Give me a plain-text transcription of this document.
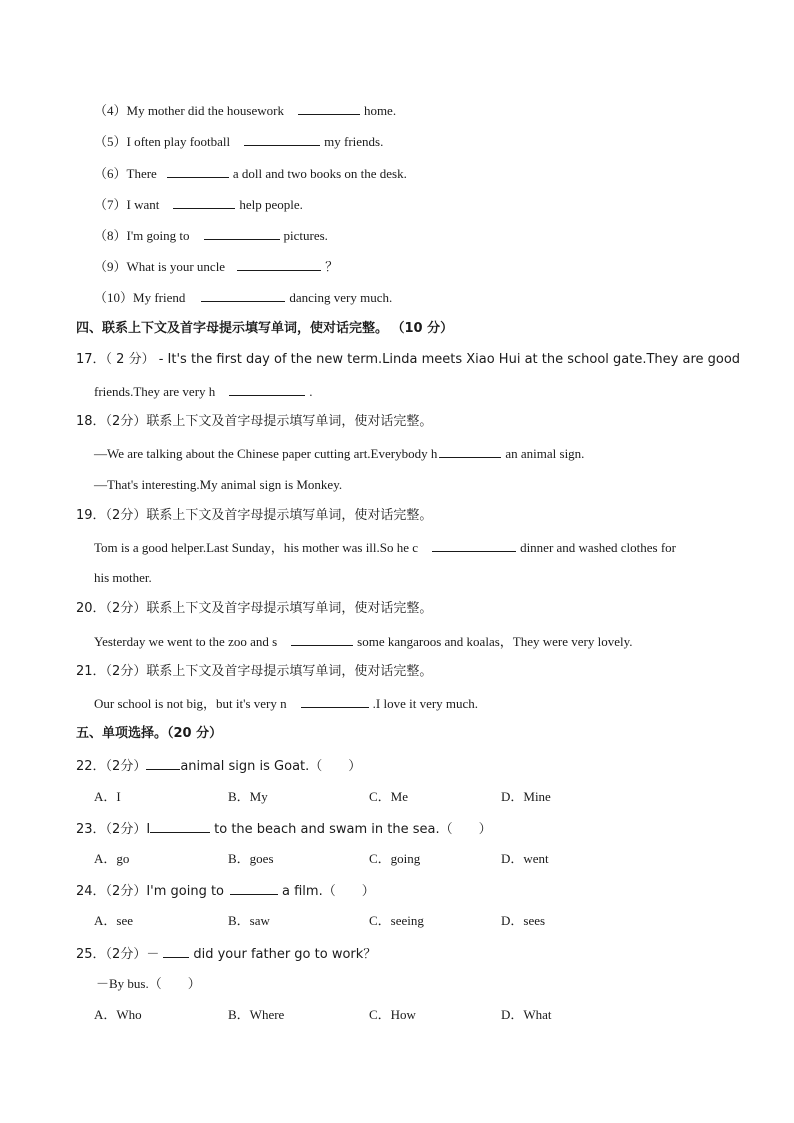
（4）My mother did the housework	home.
（5）I often play football	my friends.
（6）There	a doll and two books on the desk.
（7）I want	help people.
（8）I'm going to	pictures.
（9）What is your uncle	？
（10）My friend	dancing very much.
四、联系上下文及首字母提示填写单词，使对话完整。 （10 分）
17．（ 2 分） - It's the first day of the new term.Linda meets Xiao Hui at the school gate.They are good
friends.They are very h	.
18．（2分）联系上下文及首字母提示填写单词，使对话完整。
—We are talking about the Chinese paper cutting art.Everybody h	an animal sign.
—That's interesting.My animal sign is Monkey.
19．（2分）联系上下文及首字母提示填写单词，使对话完整。
Tom is a good helper.Last Sunday，his mother was ill.So he c	dinner and washed clothes for
his mother.
20．（2分）联系上下文及首字母提示填写单词，使对话完整。
Yesterday we went to the zoo and s	some kangaroos and koalas，They were very lovely.
21．（2分）联系上下文及首字母提示填写单词，使对话完整。
Our school is not big，but it's very n	.I love it very much.
五、单项选择。（20 分）
22．（2分）	animal sign is Goat.（　　）
A．I	B．My	C．Me	D．Mine
23．（2分）I	to the beach and swam in the sea.（　　）
A．go	B．goes	C．going	D．went
24．（2分）I'm going to	a film.（　　）
A．see	B．saw	C．seeing	D．sees
25．（2分）－	did your father go to work？
－By bus.（　　）
A．Who	B．Where	C．How	D．What
